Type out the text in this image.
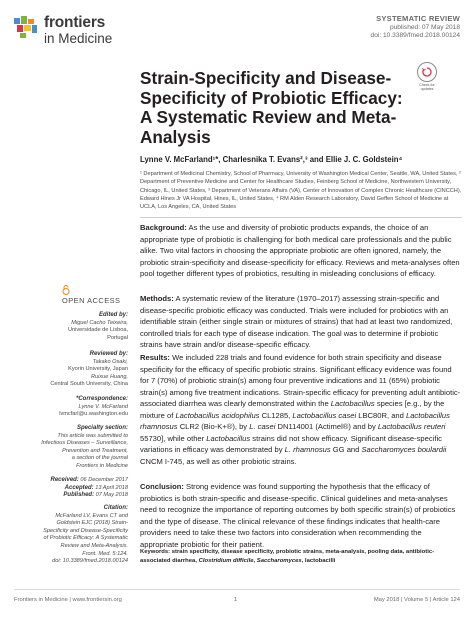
frontiers
in Medicine
SYSTEMATIC REVIEW
published: 07 May 2018
doi: 10.3389/fmed.2018.00124
Check for
updates
Strain-Specificity and Disease-Specificity of Probiotic Efficacy: A Systematic Review and Meta-Analysis
Lynne V. McFarland¹*, Charlesnika T. Evans²,³ and Ellie J. C. Goldstein⁴
¹ Department of Medicinal Chemistry, School of Pharmacy, University of Washington Medical Center, Seattle, WA, United States, ² Department of Preventive Medicine and Center for Healthcare Studies, Feinberg School of Medicine, Northwestern University, Chicago, IL, United States, ³ Department of Veterans Affairs (VA), Center of Innovation of Complex Chronic Healthcare (CINCCH), Edward Hines Jr VA Hospital, Hines, IL, United States, ⁴ RM Alden Research Laboratory, David Geffen School of Medicine at UCLA, Los Angeles, CA, United States
Background: As the use and diversity of probiotic products expands, the choice of an appropriate type of probiotic is challenging for both medical care professionals and the public alike. Two vital factors in choosing the appropriate probiotic are often ignored, namely, the probiotic strain-specificity and disease-specificity for efficacy. Reviews and meta-analyses often pool together different types of probiotics, resulting in misleading conclusions of efficacy.
Methods: A systematic review of the literature (1970–2017) assessing strain-specific and disease-specific probiotic efficacy was conducted. Trials were included for probiotics with an identifiable strain (either single strain or mixtures of strains) that had at least two randomized, controlled trials for each type of disease indication. The goal was to determine if probiotic strains have strain and/or disease-specific efficacy.
Results: We included 228 trials and found evidence for both strain specificity and disease specificity for the efficacy of specific probiotic strains. Significant efficacy evidence was found for 7 (70%) of probiotic strain(s) among four preventive indications and 11 (65%) probiotic strain(s) among five treatment indications. Strain-specific efficacy for preventing adult antibiotic-associated diarrhea was clearly demonstrated within the Lactobacillus species [e.g., by the mixture of Lactobacillus acidophilus CL1285, Lactobacillus casei LBC80R, and Lactobacillus rhamnosus CLR2 (Bio-K+®), by L. casei DN114001 (Actimel®) and by Lactobacillus reuteri 55730], while other Lactobacillus strains did not show efficacy. Significant disease-specific variations in efficacy was demonstrated by L. rhamnosus GG and Saccharomyces boulardii CNCM I-745, as well as other probiotic strains.
Conclusion: Strong evidence was found supporting the hypothesis that the efficacy of probiotics is both strain-specific and disease-specific. Clinical guidelines and meta-analyses need to recognize the importance of reporting outcomes by both specific strain(s) of probiotics and the type of disease. The clinical relevance of these findings indicates that health-care providers need to take these two factors into consideration when recommending the appropriate probiotic for their patient.
Keywords: strain specificity, disease specificity, probiotic strains, meta-analysis, pooling data, antibiotic-associated diarrhea, Clostridium difficile, Saccharomyces, lactobacilli
OPEN ACCESS
Edited by:
Miguel Cacho Teixeira,
Universidade de Lisboa,
Portugal
Reviewed by:
Takako Osaki,
Kyorin University, Japan
Ruixue Huang,
Central South University, China
*Correspondence:
Lynne V. McFarland
lvmcfarl@u.washington.edu
Specialty section:
This article was submitted to
Infectious Diseases – Surveillance,
Prevention and Treatment,
a section of the journal
Frontiers in Medicine
Received: 06 December 2017
Accepted: 13 April 2018
Published: 07 May 2018
Citation:
McFarland LV, Evans CT and
Goldstein EJC (2018) Strain-
Specificity and Disease-Specificity
of Probiotic Efficacy: A Systematic
Review and Meta-Analysis.
Front. Med. 5:124.
doi: 10.3389/fmed.2018.00124
Frontiers in Medicine | www.frontiersin.org	1	May 2018 | Volume 5 | Article 124
